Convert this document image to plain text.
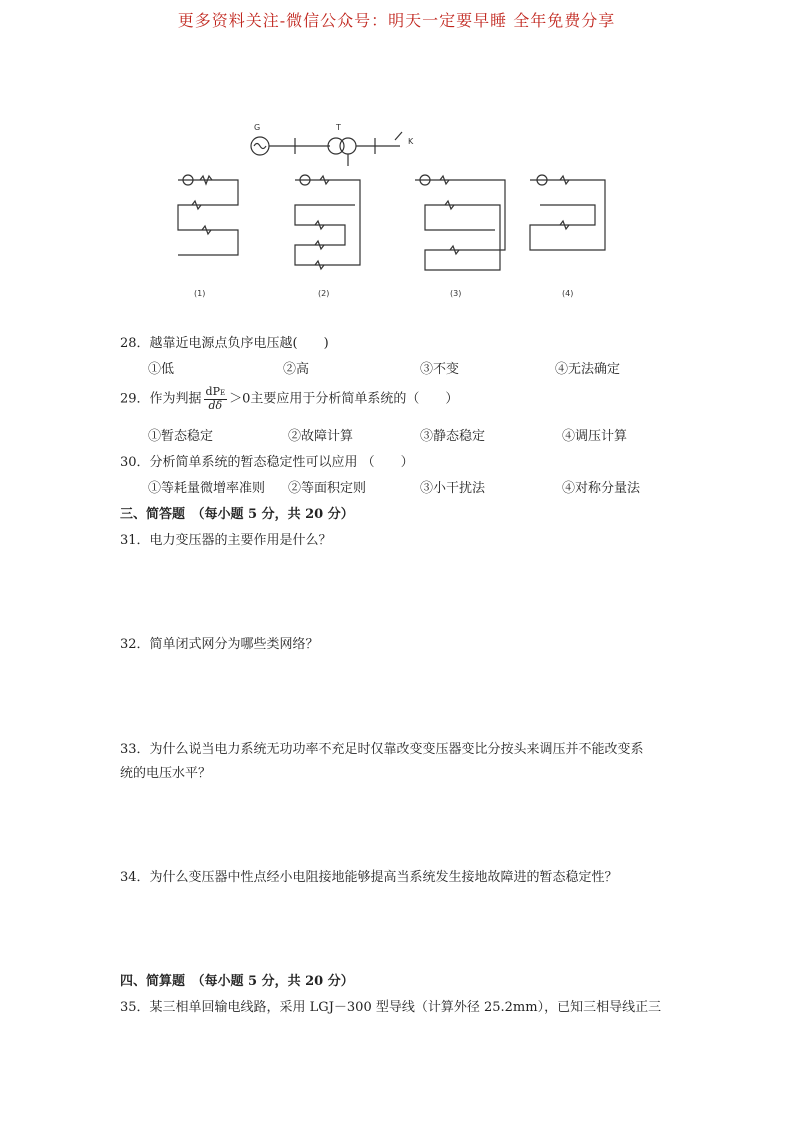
更多资料关注-微信公众号：明天一定要早睡 全年免费分享
G	T
K
(1)	(2)	(3)	(4)
28．越靠近电源点负序电压越(　　)
①低	②高	③不变	④无法确定
29．作为判据 $\frac{\text{dPE}}{d\delta} >0$主要应用于分析简单系统的（　　）
①暂态稳定	②故障计算	③静态稳定	④调压计算
30．分析简单系统的暂态稳定性可以应用 （　　）
①等耗量微增率准则 ②等面积定则	③小干扰法	④对称分量法
三、简答题　（每小题 5 分，共 20 分）
31．电力变压器的主要作用是什么？
32．简单闭式网分为哪些类网络？
33．为什么说当电力系统无功功率不充足时仅靠改变变压器变比分按头来调压并不能改变系
统的电压水平？
34．为什么变压器中性点经小电阻接地能够提高当系统发生接地故障进的暂态稳定性？
四、简算题　（每小题 5 分，共 20 分）
35．某三相单回输电线路，采用 LGJ－300 型导线（计算外径 25.2mm），已知三相导线正三
